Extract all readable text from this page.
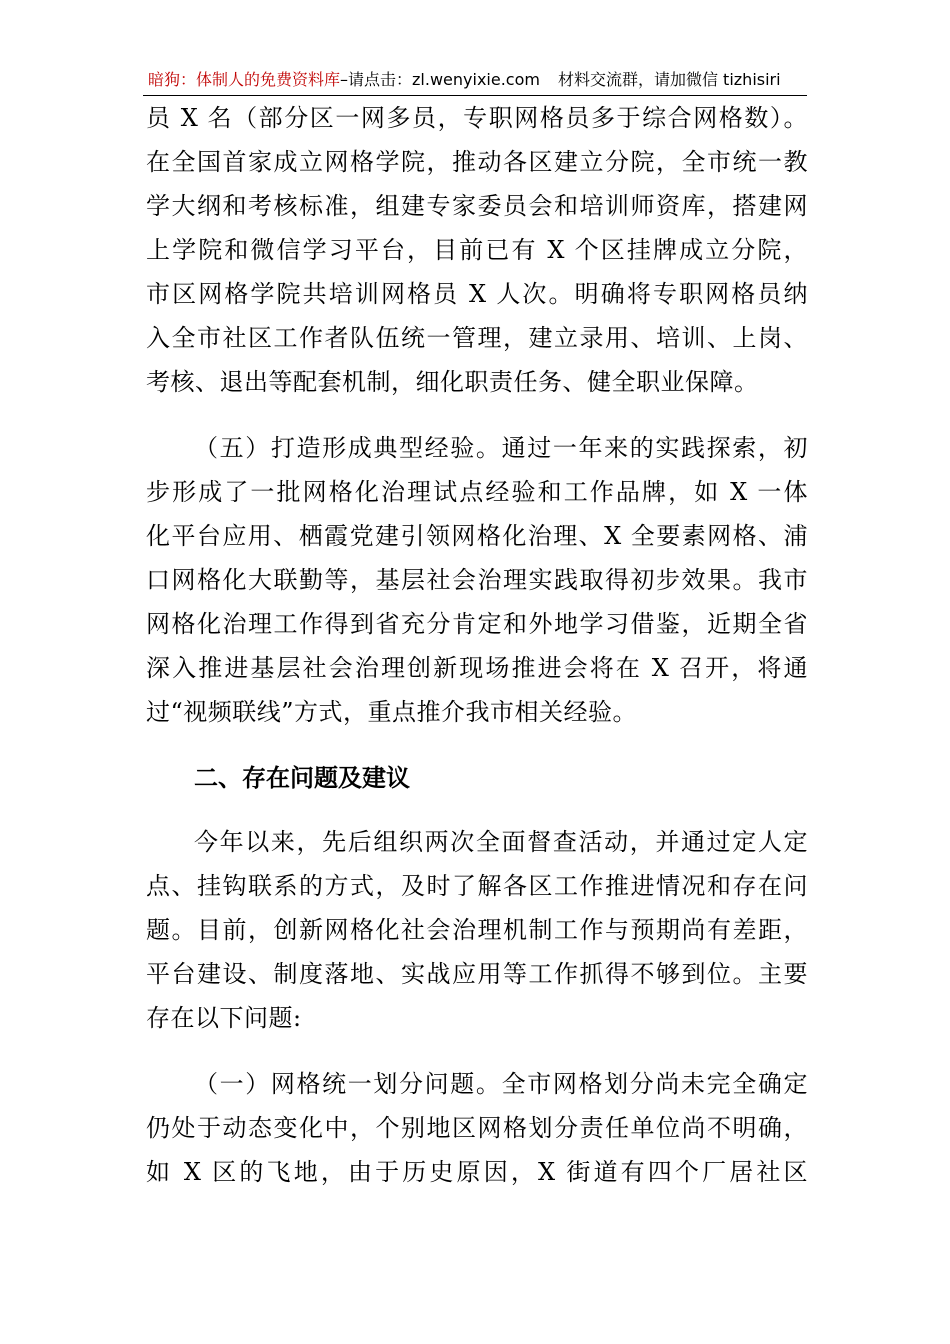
暗狗：体制人的免费资料库–请点击：zl.wenyixie.com 材料交流群，请加微信 tizhisiri
员 X 名（部分区一网多员，专职网格员多于综合网格数）。
在全国首家成立网格学院，推动各区建立分院，全市统一教
学大纲和考核标准，组建专家委员会和培训师资库，搭建网
上学院和微信学习平台，目前已有 X 个区挂牌成立分院，
市区网格学院共培训网格员 X 人次。明确将专职网格员纳
入全市社区工作者队伍统一管理，建立录用、培训、上岗、
考核、退出等配套机制，细化职责任务、健全职业保障。
（五）打造形成典型经验。通过一年来的实践探索，初
步形成了一批网格化治理试点经验和工作品牌，如 X 一体
化平台应用、栖霞党建引领网格化治理、X 全要素网格、浦
口网格化大联勤等，基层社会治理实践取得初步效果。我市
网格化治理工作得到省充分肯定和外地学习借鉴，近期全省
深入推进基层社会治理创新现场推进会将在 X 召开，将通
过“视频联线”方式，重点推介我市相关经验。
二、存在问题及建议
今年以来，先后组织两次全面督查活动，并通过定人定
点、挂钩联系的方式，及时了解各区工作推进情况和存在问
题。目前，创新网格化社会治理机制工作与预期尚有差距，
平台建设、制度落地、实战应用等工作抓得不够到位。主要
存在以下问题:
（一）网格统一划分问题。全市网格划分尚未完全确定
仍处于动态变化中，个别地区网格划分责任单位尚不明确，
如 X 区的飞地，由于历史原因，X 街道有四个厂居社区
